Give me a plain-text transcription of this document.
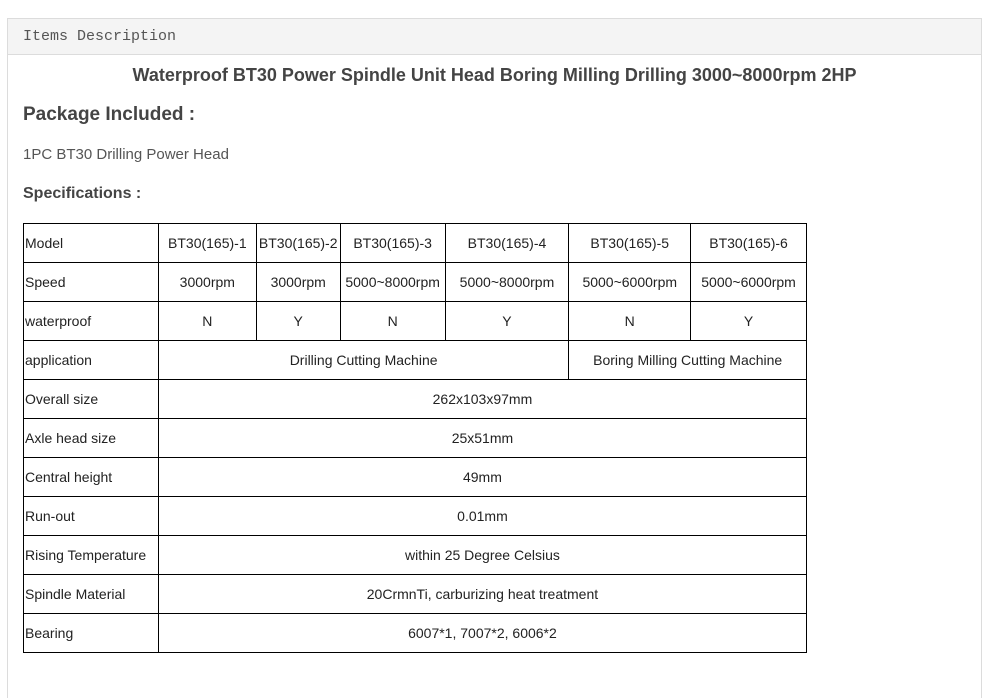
Items Description
Waterproof BT30 Power Spindle Unit Head Boring Milling Drilling 3000~8000rpm 2HP
Package Included :
1PC BT30 Drilling Power Head
Specifications :
Model	BT30(165)-1	BT30(165)-2	BT30(165)-3	BT30(165)-4	BT30(165)-5	BT30(165)-6
Speed	3000rpm	3000rpm	5000~8000rpm	5000~8000rpm	5000~6000rpm	5000~6000rpm
waterproof	N	Y	N	Y	N	Y
application	Drilling Cutting Machine				Boring Milling Cutting Machine	
Overall size	262x103x97mm					
Axle head size	25x51mm					
Central height	49mm					
Run-out	0.01mm					
Rising Temperature	within 25 Degree Celsius					
Spindle Material	20CrmnTi, carburizing heat treatment					
Bearing	6007*1, 7007*2, 6006*2					
